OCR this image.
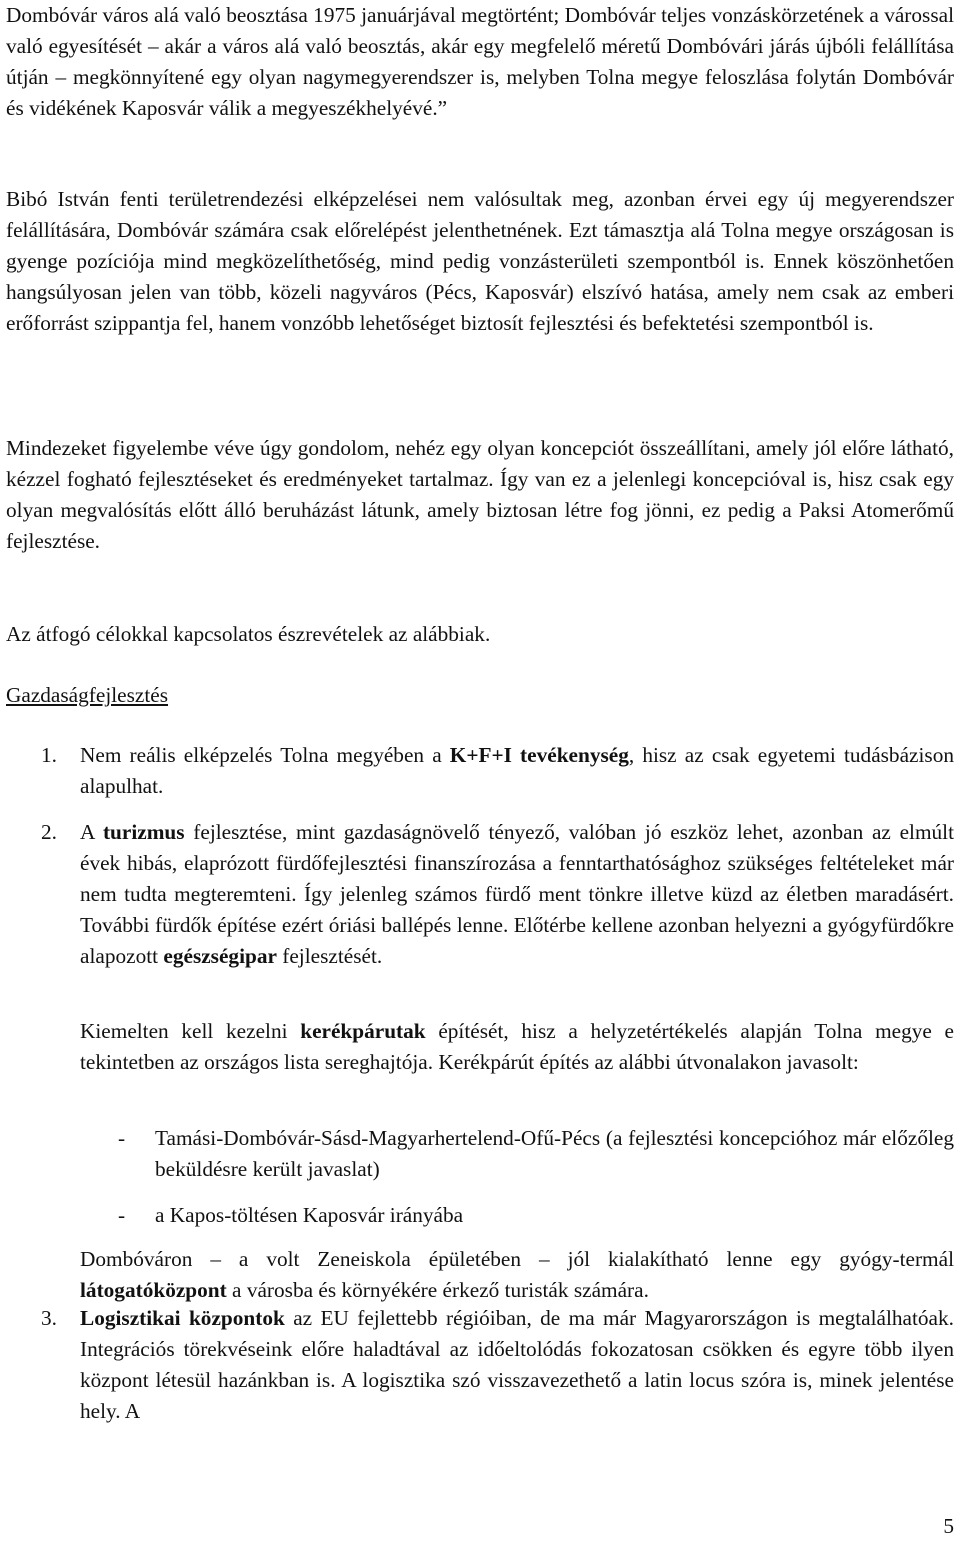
Dombóvár város alá való beosztása 1975 januárjával megtörtént; Dombóvár teljes vonzáskörzetének a várossal való egyesítését – akár a város alá való beosztás, akár egy megfelelő méretű Dombóvári járás újbóli felállítása útján – megkönnyítené egy olyan nagymegyerendszer is, melyben Tolna megye feloszlása folytán Dombóvár és vidékének Kaposvár válik a megyeszékhelyévé.”

Bibó István fenti területrendezési elképzelései nem valósultak meg, azonban érvei egy új megyerendszer felállítására, Dombóvár számára csak előrelépést jelenthetnének. Ezt támasztja alá Tolna megye országosan is gyenge pozíciója mind megközelíthetőség, mind pedig vonzásterületi szempontból is. Ennek köszönhetően hangsúlyosan jelen van több, közeli nagyváros (Pécs, Kaposvár) elszívó hatása, amely nem csak az emberi erőforrást szippantja fel, hanem vonzóbb lehetőséget biztosít fejlesztési és befektetési szempontból is.

Mindezeket figyelembe véve úgy gondolom, nehéz egy olyan koncepciót összeállítani, amely jól előre látható, kézzel fogható fejlesztéseket és eredményeket tartalmaz. Így van ez a jelenlegi koncepcióval is, hisz csak egy olyan megvalósítás előtt álló beruházást látunk, amely biztosan létre fog jönni, ez pedig a Paksi Atomerőmű fejlesztése.

Az átfogó célokkal kapcsolatos észrevételek az alábbiak.

Gazdaságfejlesztés
1. Nem reális elképzelés Tolna megyében a K+F+I tevékenység, hisz az csak egyetemi tudásbázison alapulhat.

2. A turizmus fejlesztése, mint gazdaságnövelő tényező, valóban jó eszköz lehet, azonban az elmúlt évek hibás, elaprózott fürdőfejlesztési finanszírozása a fenntarthatósághoz szükséges feltételeket már nem tudta megteremteni. Így jelenleg számos fürdő ment tönkre illetve küzd az életben maradásért. További fürdők építése ezért óriási ballépés lenne. Előtérbe kellene azonban helyezni a gyógyfürdőkre alapozott egészségipar fejlesztését.

Kiemelten kell kezelni kerékpárutak építését, hisz a helyzetértékelés alapján Tolna megye e tekintetben az országos lista sereghajtója. Kerékpárút építés az alábbi útvonalakon javasolt:

- Tamási-Dombóvár-Sásd-Magyarhertelend-Ofű-Pécs (a fejlesztési koncepcióhoz már előzőleg beküldésre került javaslat)

- a Kapos-töltésen Kaposvár irányába

Dombóváron – a volt Zeneiskola épületében – jól kialakítható lenne egy gyógy-termál látogatóközpont a városba és környékére érkező turisták számára.

3. Logisztikai központok az EU fejlettebb régióiban, de ma már Magyarországon is megtalálhatóak. Integrációs törekvéseink előre haladtával az időeltolódás fokozatosan csökken és egyre több ilyen központ létesül hazánkban is. A logisztika szó visszavezethető a latin locus szóra is, minek jelentése hely. A

5
